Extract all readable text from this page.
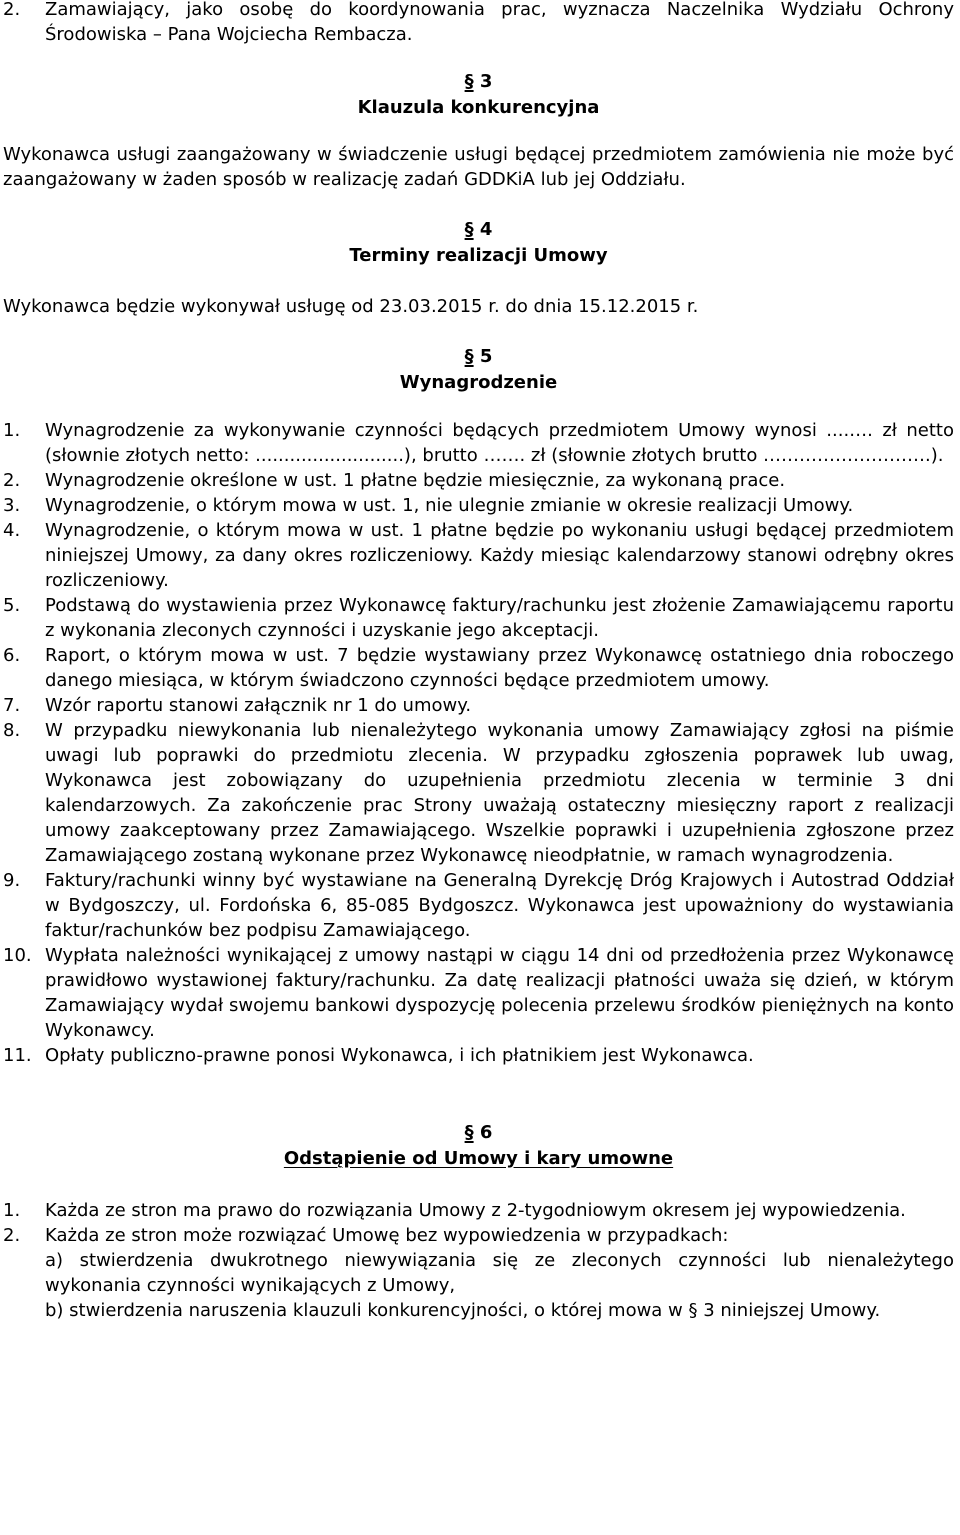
2.	Zamawiający, jako osobę do koordynowania prac, wyznacza Naczelnika Wydziału Ochrony Środowiska – Pana Wojciecha Rembacza.
§ 3
Klauzula konkurencyjna
Wykonawca usługi zaangażowany w świadczenie usługi będącej przedmiotem zamówienia nie może być zaangażowany w żaden sposób w realizację zadań GDDKiA lub jej Oddziału.
§ 4
Terminy realizacji Umowy
Wykonawca będzie wykonywał usługę od 23.03.2015 r. do dnia 15.12.2015 r.
§ 5
Wynagrodzenie
1.	Wynagrodzenie za wykonywanie czynności będących przedmiotem Umowy wynosi ....…. zł netto (słownie złotych netto: ..........................), brutto ……. zł (słownie złotych brutto ……………………….).
2.	Wynagrodzenie określone w ust. 1 płatne będzie miesięcznie, za wykonaną prace.
3.	Wynagrodzenie, o którym mowa w ust. 1, nie ulegnie zmianie w okresie realizacji Umowy.
4.	Wynagrodzenie, o którym mowa w ust. 1 płatne będzie po wykonaniu usługi będącej przedmiotem niniejszej Umowy, za dany okres rozliczeniowy. Każdy miesiąc kalendarzowy stanowi odrębny okres rozliczeniowy.
5.	Podstawą do wystawienia przez Wykonawcę faktury/rachunku jest złożenie Zamawiającemu raportu z wykonania zleconych czynności i uzyskanie jego akceptacji.
6.	Raport, o którym mowa w ust. 7 będzie wystawiany przez Wykonawcę ostatniego dnia roboczego danego miesiąca, w którym świadczono czynności będące przedmiotem umowy.
7.	Wzór raportu stanowi załącznik nr 1 do umowy.
8.	W przypadku niewykonania lub nienależytego wykonania umowy Zamawiający zgłosi na piśmie uwagi lub poprawki do przedmiotu zlecenia. W przypadku zgłoszenia poprawek lub uwag, Wykonawca jest zobowiązany do uzupełnienia przedmiotu zlecenia w terminie 3 dni kalendarzowych. Za zakończenie prac Strony uważają ostateczny miesięczny raport z realizacji umowy zaakceptowany przez Zamawiającego. Wszelkie poprawki i uzupełnienia zgłoszone przez Zamawiającego zostaną wykonane przez Wykonawcę nieodpłatnie, w ramach wynagrodzenia.
9.	Faktury/rachunki winny być wystawiane na Generalną Dyrekcję Dróg Krajowych i Autostrad Oddział w Bydgoszczy, ul. Fordońska 6, 85-085 Bydgoszcz. Wykonawca jest upoważniony do wystawiania faktur/rachunków bez podpisu Zamawiającego.
10. Wypłata należności wynikającej z umowy nastąpi w ciągu 14 dni od przedłożenia przez Wykonawcę prawidłowo wystawionej faktury/rachunku. Za datę realizacji płatności uważa się dzień, w którym Zamawiający wydał swojemu bankowi dyspozycję polecenia przelewu środków pieniężnych na konto Wykonawcy.
11. Opłaty publiczno-prawne ponosi Wykonawca, i ich płatnikiem jest Wykonawca.
§ 6
Odstąpienie od Umowy i kary umowne
1.	Każda ze stron ma prawo do rozwiązania Umowy z 2-tygodniowym okresem jej wypowiedzenia.
2.	Każda ze stron może rozwiązać Umowę bez wypowiedzenia w przypadkach:
a) stwierdzenia dwukrotnego niewywiązania się ze zleconych czynności lub nienależytego wykonania czynności wynikających z Umowy,
b) stwierdzenia naruszenia klauzuli konkurencyjności, o której mowa w § 3 niniejszej Umowy.
